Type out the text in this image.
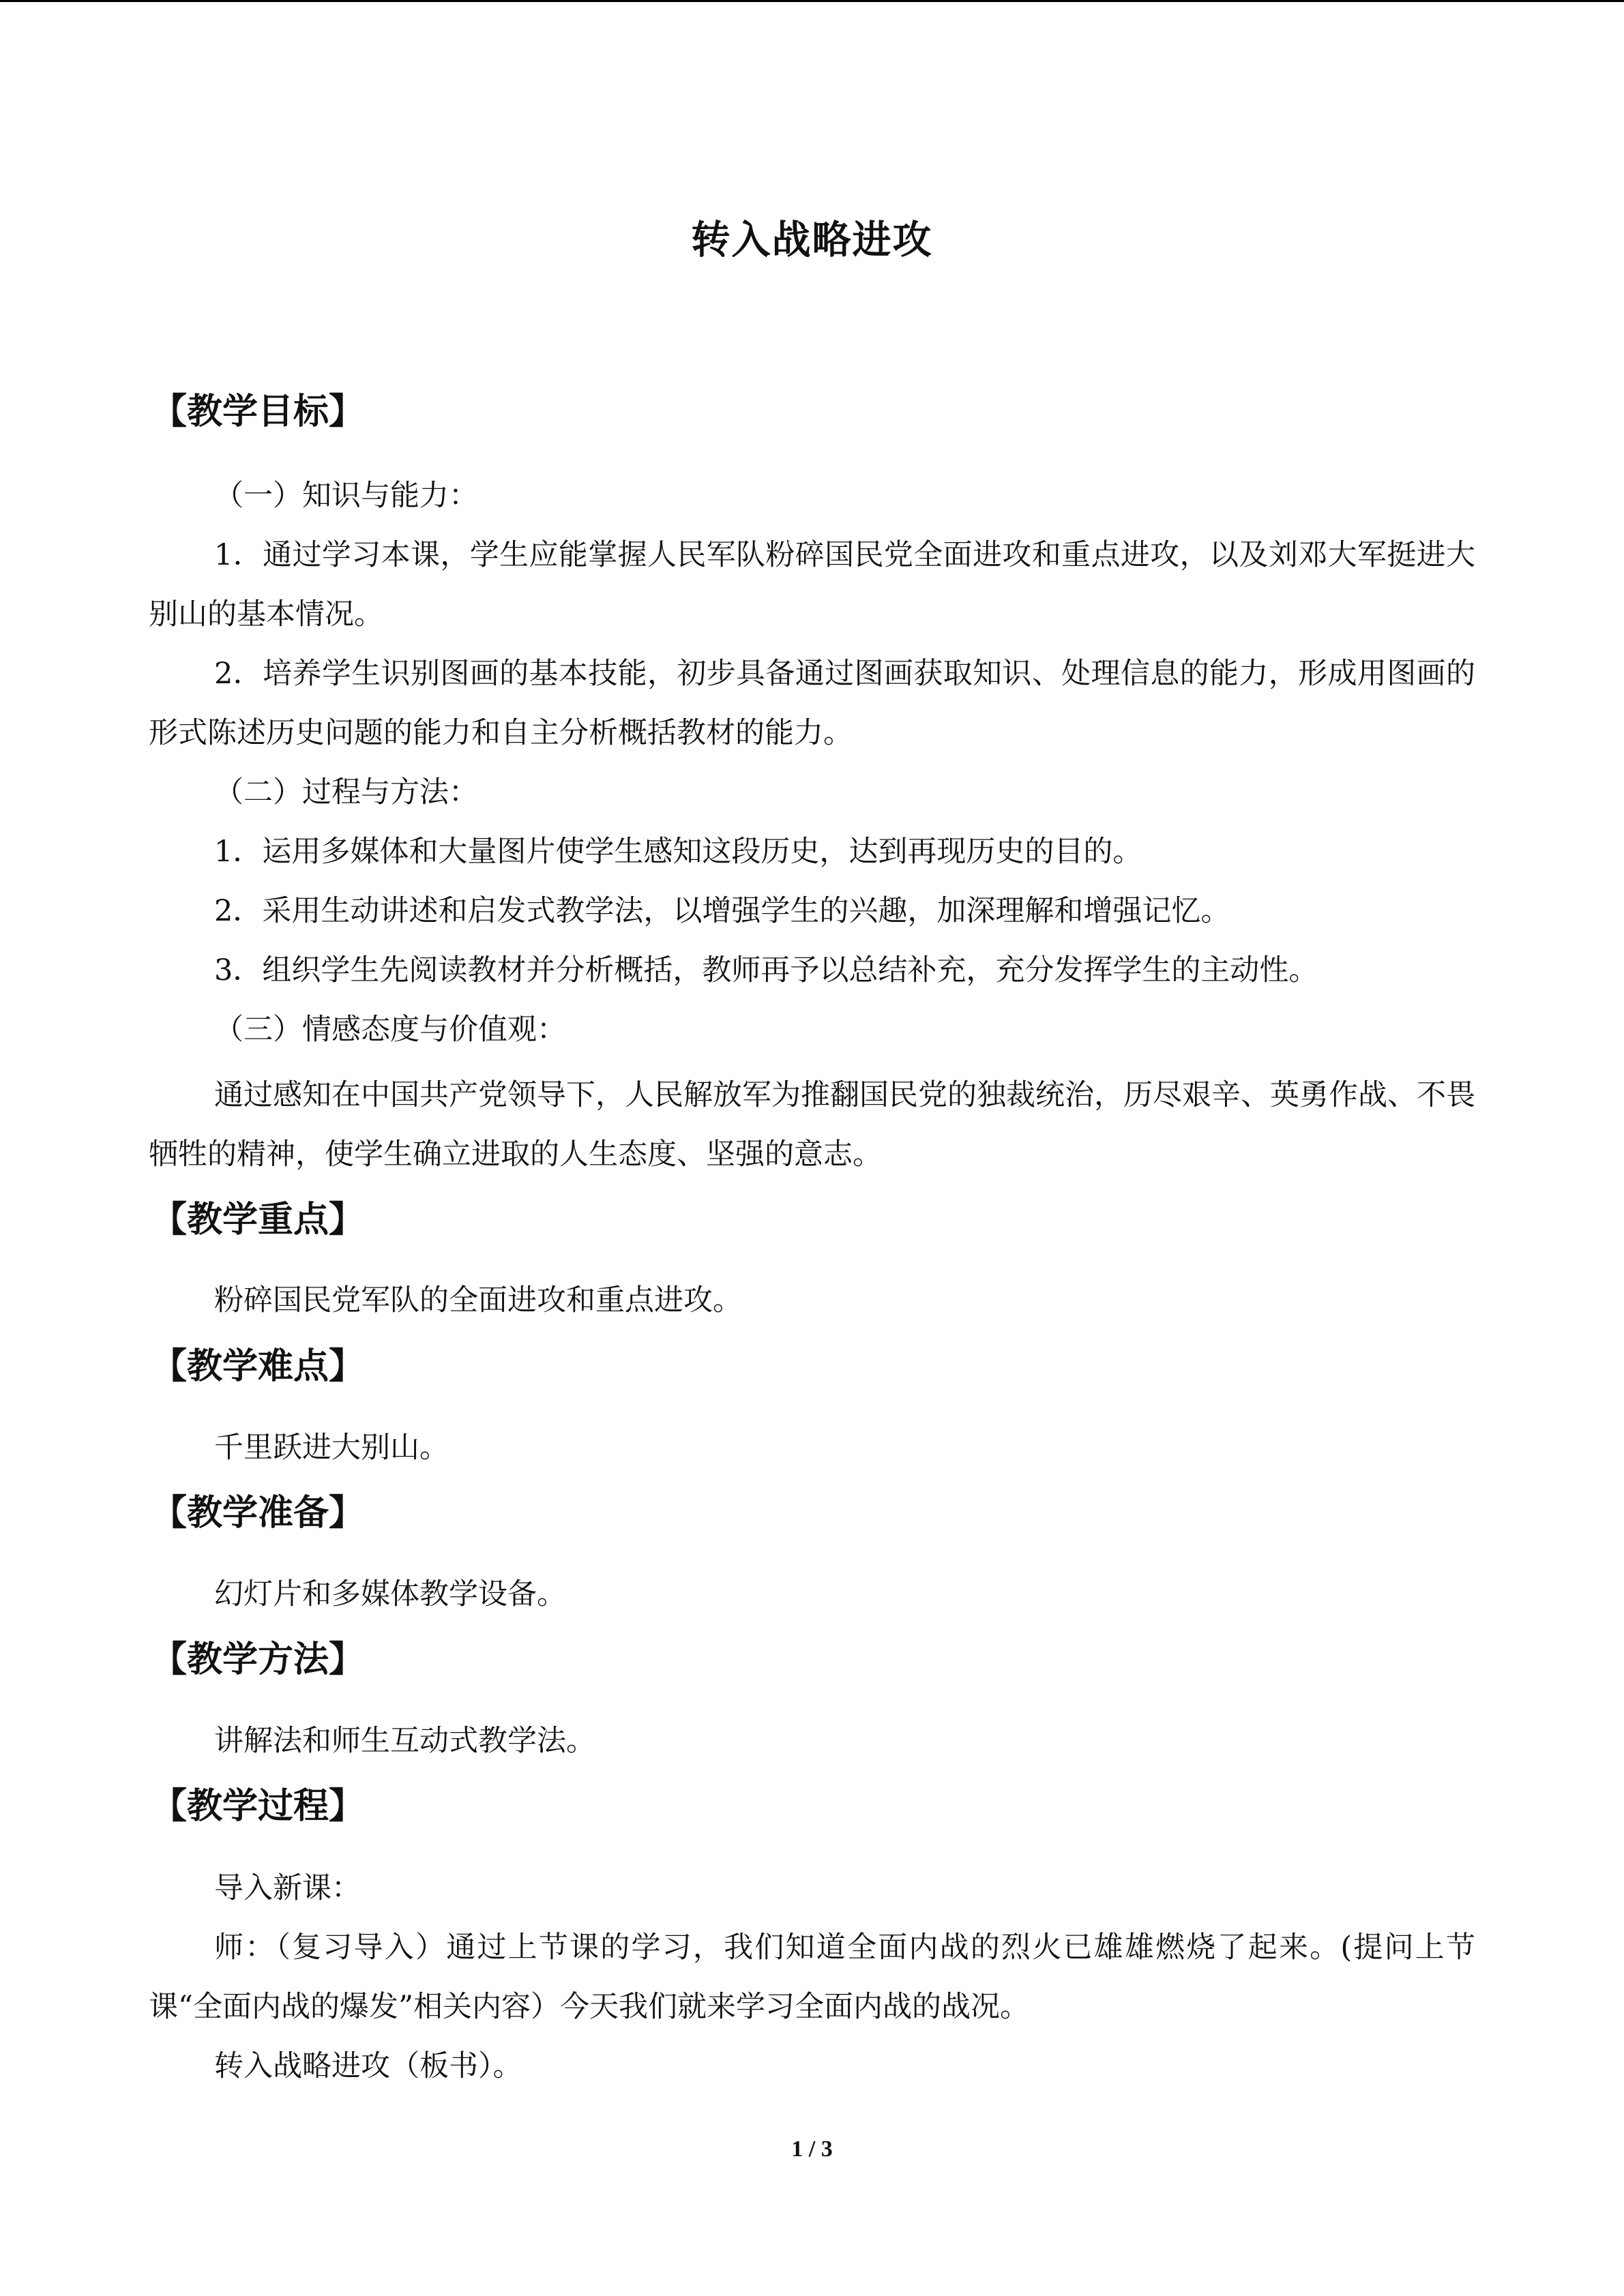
转入战略进攻
【教学目标】
（一）知识与能力：
1．通过学习本课，学生应能掌握人民军队粉碎国民党全面进攻和重点进攻，以及刘邓大军挺进大别山的基本情况。
2．培养学生识别图画的基本技能，初步具备通过图画获取知识、处理信息的能力，形成用图画的形式陈述历史问题的能力和自主分析概括教材的能力。
（二）过程与方法：
1．运用多媒体和大量图片使学生感知这段历史，达到再现历史的目的。
2．采用生动讲述和启发式教学法，以增强学生的兴趣，加深理解和增强记忆。
3．组织学生先阅读教材并分析概括，教师再予以总结补充，充分发挥学生的主动性。
（三）情感态度与价值观：
通过感知在中国共产党领导下，人民解放军为推翻国民党的独裁统治，历尽艰辛、英勇作战、不畏牺牲的精神，使学生确立进取的人生态度、坚强的意志。
【教学重点】
粉碎国民党军队的全面进攻和重点进攻。
【教学难点】
千里跃进大别山。
【教学准备】
幻灯片和多媒体教学设备。
【教学方法】
讲解法和师生互动式教学法。
【教学过程】
导入新课：
师：（复习导入）通过上节课的学习，我们知道全面内战的烈火已雄雄燃烧了起来。(提问上节课“全面内战的爆发”相关内容）今天我们就来学习全面内战的战况。
转入战略进攻（板书）。
1 / 3
